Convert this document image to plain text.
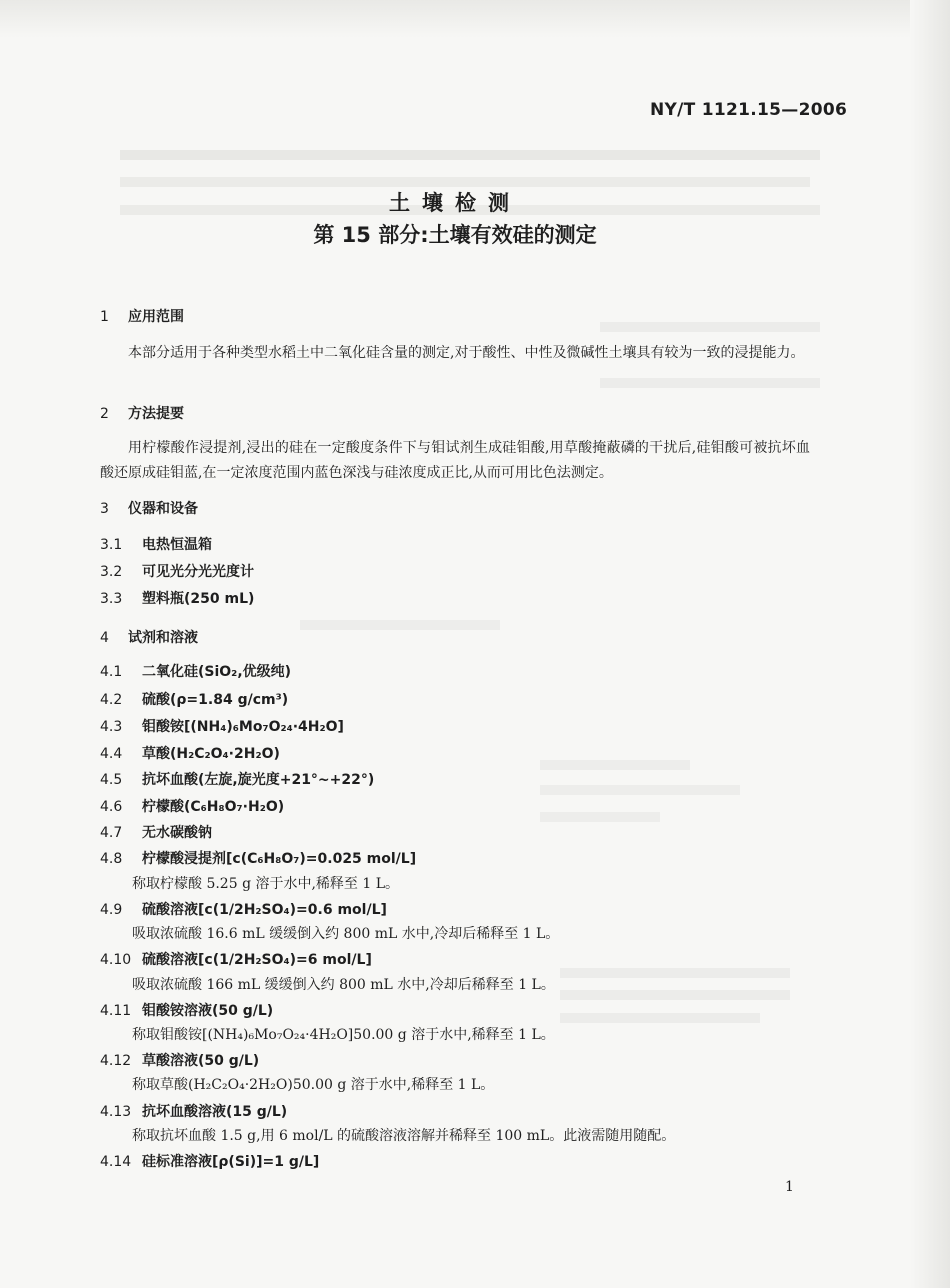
NY/T 1121.15—2006
土壤检测
第 15 部分:土壤有效硅的测定
1 应用范围
本部分适用于各种类型水稻土中二氧化硅含量的测定,对于酸性、中性及微碱性土壤具有较为一致的浸提能力。
2 方法提要
用柠檬酸作浸提剂,浸出的硅在一定酸度条件下与钼试剂生成硅钼酸,用草酸掩蔽磷的干扰后,硅钼酸可被抗坏血酸还原成硅钼蓝,在一定浓度范围内蓝色深浅与硅浓度成正比,从而可用比色法测定。
3 仪器和设备
3.1 电热恒温箱
3.2 可见光分光光度计
3.3 塑料瓶(250 mL)
4 试剂和溶液
4.1 二氧化硅(SiO₂,优级纯)
4.2 硫酸(ρ=1.84 g/cm³)
4.3 钼酸铵[(NH₄)₆Mo₇O₂₄·4H₂O]
4.4 草酸(H₂C₂O₄·2H₂O)
4.5 抗坏血酸(左旋,旋光度+21°~+22°)
4.6 柠檬酸(C₆H₈O₇·H₂O)
4.7 无水碳酸钠
4.8 柠檬酸浸提剂[c(C₆H₈O₇)=0.025 mol/L]
称取柠檬酸 5.25 g 溶于水中,稀释至 1 L。
4.9 硫酸溶液[c(1/2H₂SO₄)=0.6 mol/L]
吸取浓硫酸 16.6 mL 缓缓倒入约 800 mL 水中,冷却后稀释至 1 L。
4.10 硫酸溶液[c(1/2H₂SO₄)=6 mol/L]
吸取浓硫酸 166 mL 缓缓倒入约 800 mL 水中,冷却后稀释至 1 L。
4.11 钼酸铵溶液(50 g/L)
称取钼酸铵[(NH₄)₆Mo₇O₂₄·4H₂O]50.00 g 溶于水中,稀释至 1 L。
4.12 草酸溶液(50 g/L)
称取草酸(H₂C₂O₄·2H₂O)50.00 g 溶于水中,稀释至 1 L。
4.13 抗坏血酸溶液(15 g/L)
称取抗坏血酸 1.5 g,用 6 mol/L 的硫酸溶液溶解并稀释至 100 mL。此液需随用随配。
4.14 硅标准溶液[ρ(Si)]=1 g/L]
1
